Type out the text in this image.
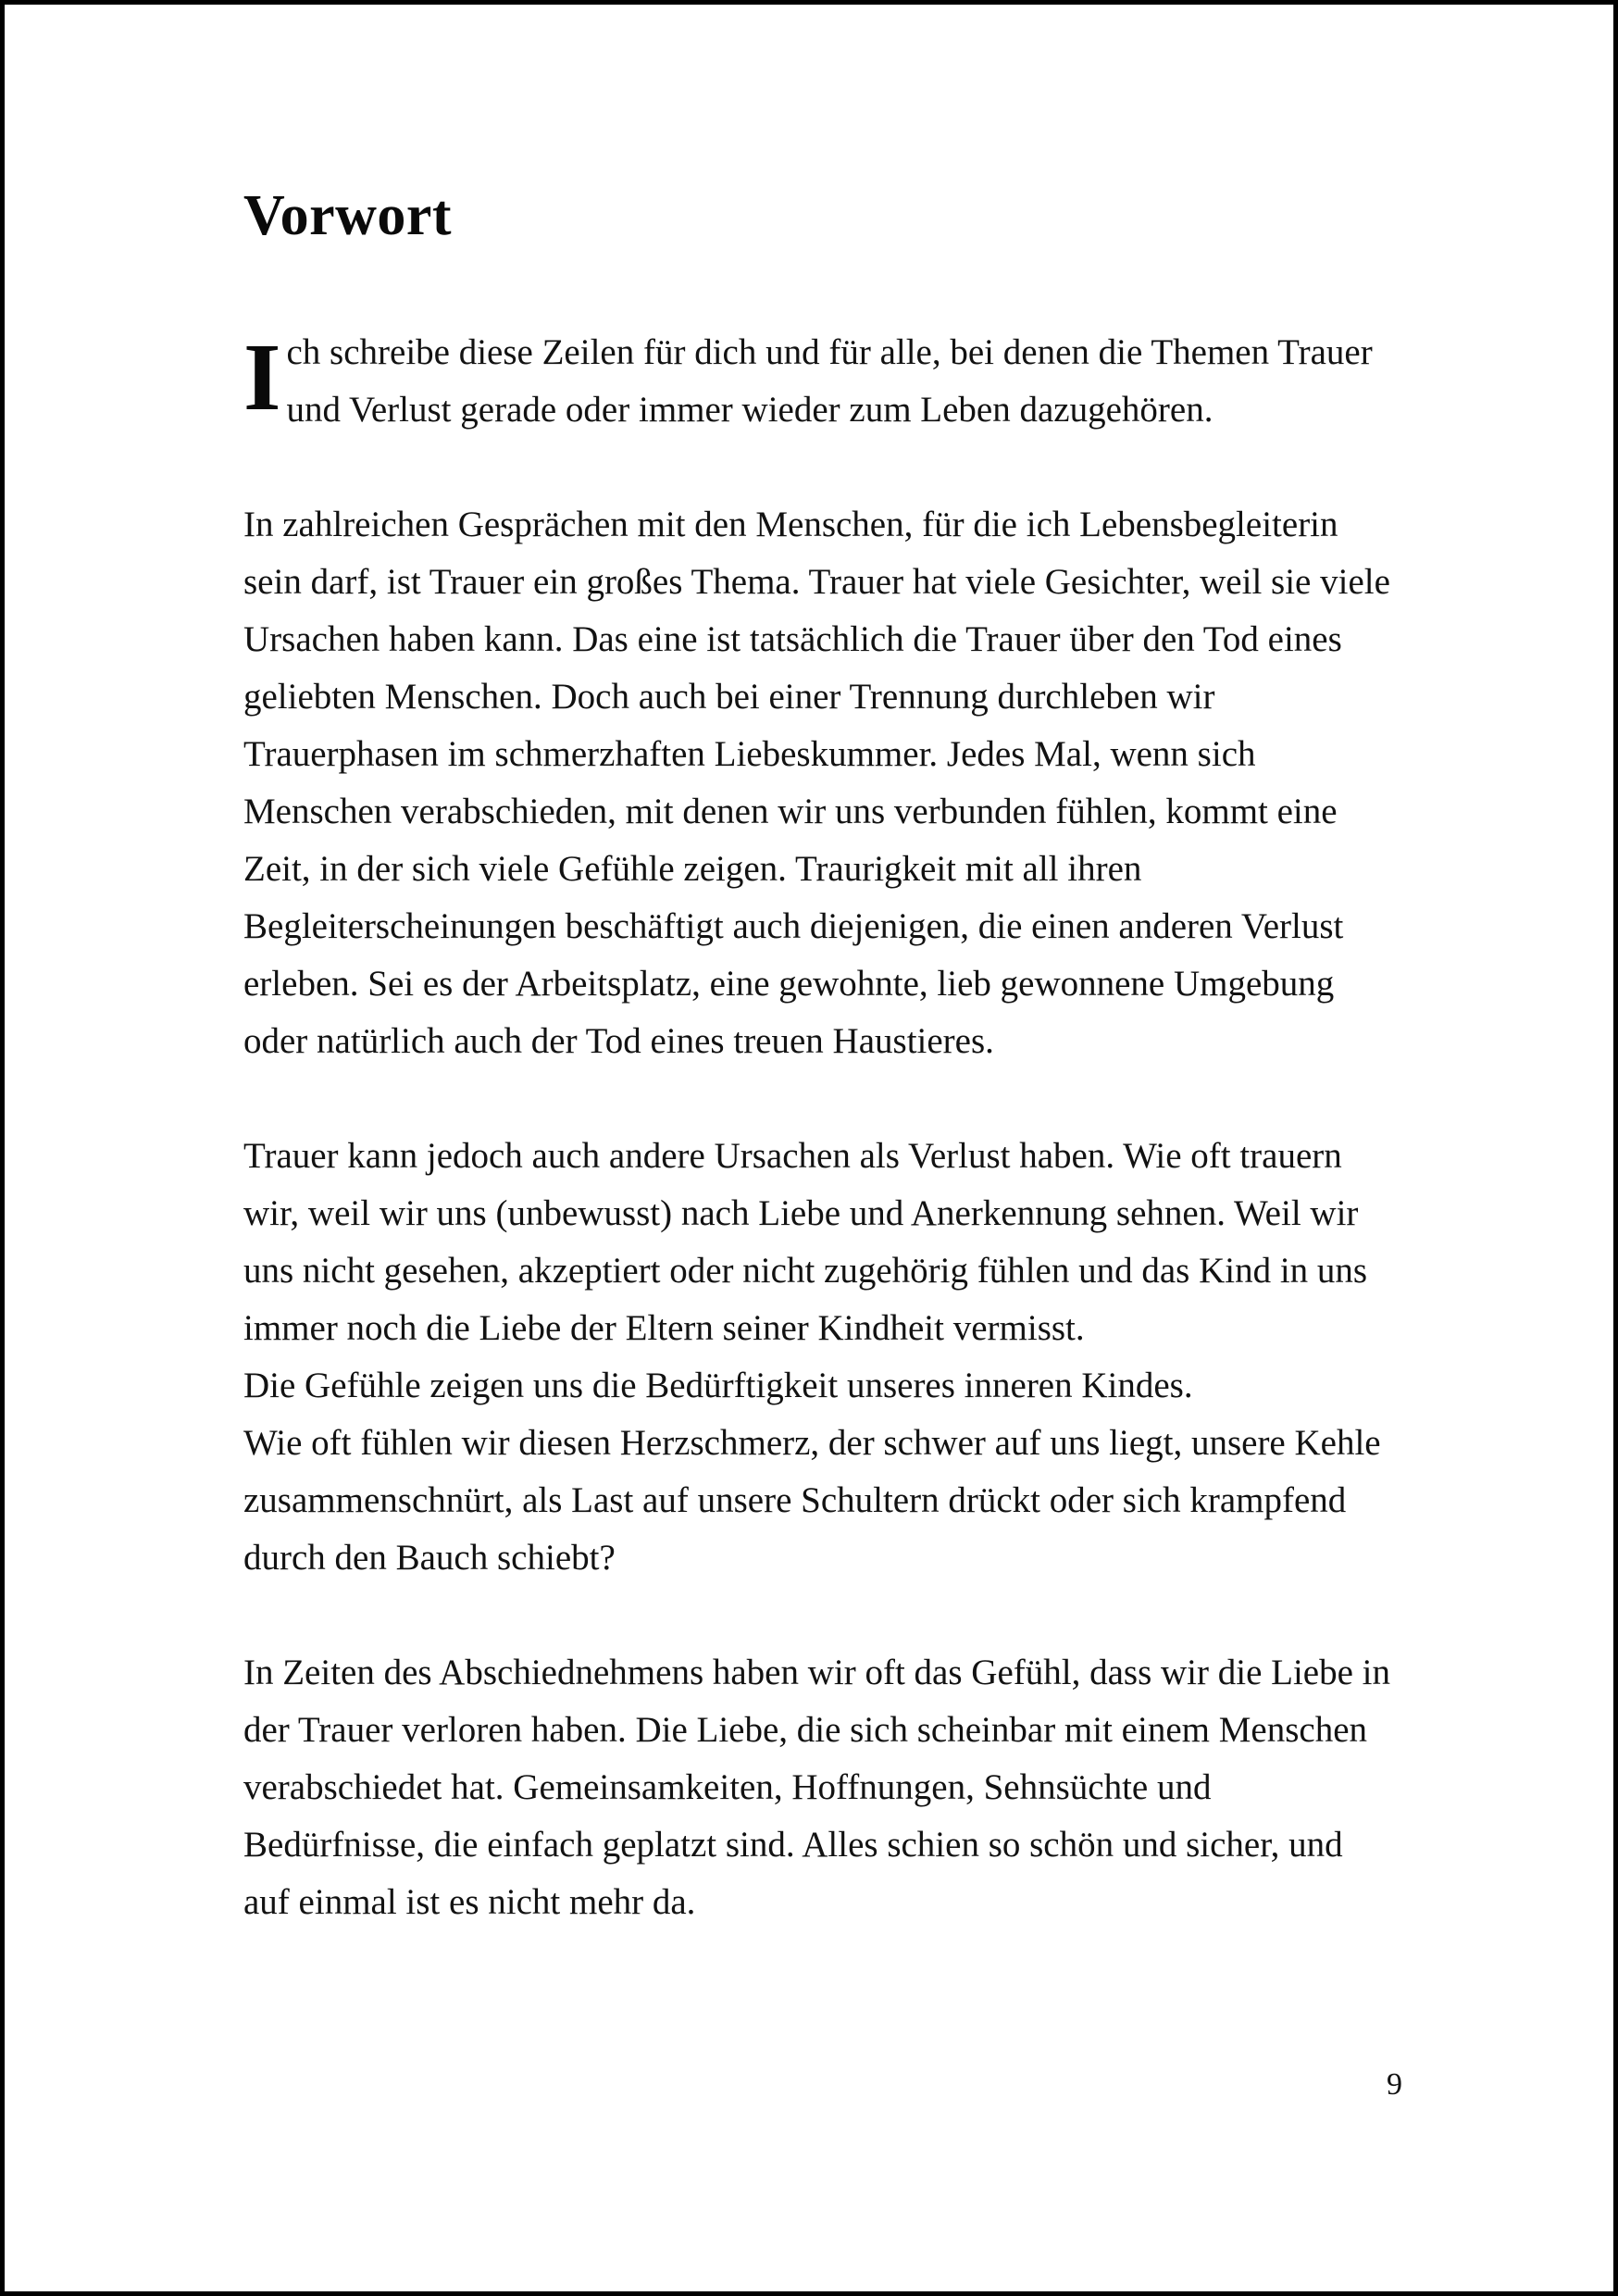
Vorwort
I ch schreibe diese Zeilen für dich und für alle, bei denen die Themen Trauer und Verlust gerade oder immer wieder zum Leben dazugehören.

In zahlreichen Gesprächen mit den Menschen, für die ich Lebensbegleiterin sein darf, ist Trauer ein großes Thema. Trauer hat viele Gesichter, weil sie viele Ursachen haben kann. Das eine ist tatsächlich die Trauer über den Tod eines geliebten Menschen. Doch auch bei einer Trennung durchleben wir Trauerphasen im schmerzhaften Liebeskummer. Jedes Mal, wenn sich Menschen verabschieden, mit denen wir uns verbunden fühlen, kommt eine Zeit, in der sich viele Gefühle zeigen. Traurigkeit mit all ihren Begleiterscheinungen beschäftigt auch diejenigen, die einen anderen Verlust erleben. Sei es der Arbeitsplatz, eine gewohnte, lieb gewonnene Umgebung oder natürlich auch der Tod eines treuen Haustieres.

Trauer kann jedoch auch andere Ursachen als Verlust haben. Wie oft trauern wir, weil wir uns (unbewusst) nach Liebe und Anerkennung sehnen. Weil wir uns nicht gesehen, akzeptiert oder nicht zugehörig fühlen und das Kind in uns immer noch die Liebe der Eltern seiner Kindheit vermisst.

Die Gefühle zeigen uns die Bedürftigkeit unseres inneren Kindes.

Wie oft fühlen wir diesen Herzschmerz, der schwer auf uns liegt, unsere Kehle zusammenschnürt, als Last auf unsere Schultern drückt oder sich krampfend durch den Bauch schiebt?

In Zeiten des Abschiednehmens haben wir oft das Gefühl, dass wir die Liebe in der Trauer verloren haben. Die Liebe, die sich scheinbar mit einem Menschen verabschiedet hat. Gemeinsamkeiten, Hoffnungen, Sehnsüchte und Bedürfnisse, die einfach geplatzt sind. Alles schien so schön und sicher, und auf einmal ist es nicht mehr da.

9
